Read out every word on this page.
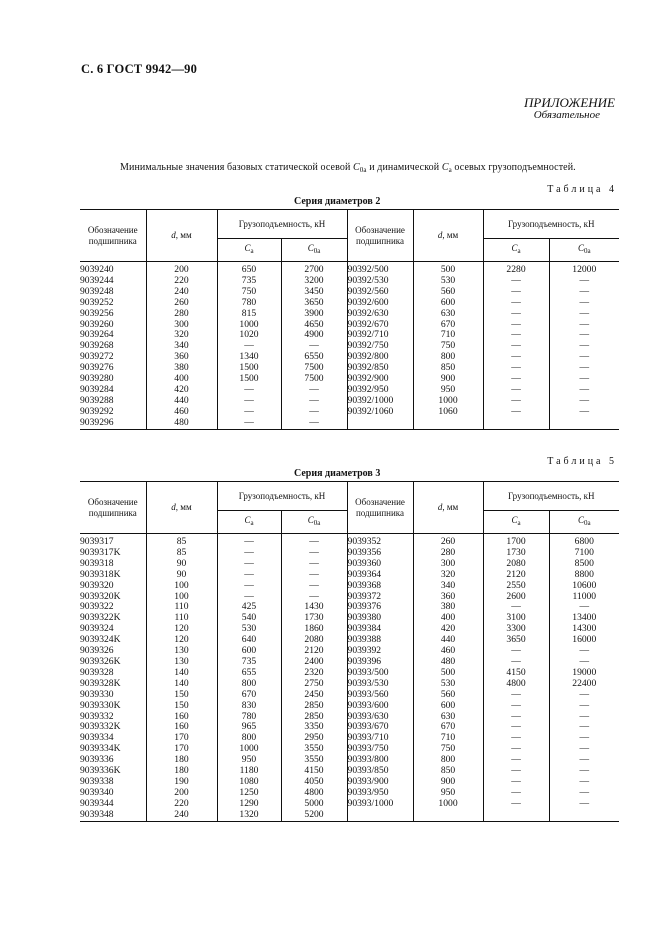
С. 6 ГОСТ 9942—90
ПРИЛОЖЕНИЕ
Обязательное
Минимальные значения базовых статической осевой $C_{0a}$ и динамической $C_a$ осевых грузоподъемностей.
Таблица 4
Серия диаметров 2
Обозначение подшипника	d, мм	Грузоподъемность, кН		Обозначение подшипника	d, мм	Грузоподъемность, кН	
		$C_a$	$C_{0a}$			$C_a$	$C_{0a}$
9039240	200	650	2700	90392/500	500	2280	12000
9039244	220	735	3200	90392/530	530	—	—
9039248	240	750	3450	90392/560	560	—	—
9039252	260	780	3650	90392/600	600	—	—
9039256	280	815	3900	90392/630	630	—	—
9039260	300	1000	4650	90392/670	670	—	—
9039264	320	1020	4900	90392/710	710	—	—
9039268	340	—	—	90392/750	750	—	—
9039272	360	1340	6550	90392/800	800	—	—
9039276	380	1500	7500	90392/850	850	—	—
9039280	400	1500	7500	90392/900	900	—	—
9039284	420	—	—	90392/950	950	—	—
9039288	440	—	—	90392/1000	1000	—	—
9039292	460	—	—	90392/1060	1060	—	—
9039296	480	—	—				
Таблица 5
Серия диаметров 3
Обозначение подшипника	d, мм	Грузоподъемность, кН		Обозначение подшипника	d, мм	Грузоподъемность, кН	
		$C_a$	$C_{0a}$			$C_a$	$C_{0a}$
9039317	85	—	—	9039352	260	1700	6800
9039317K	85	—	—	9039356	280	1730	7100
9039318	90	—	—	9039360	300	2080	8500
9039318K	90	—	—	9039364	320	2120	8800
9039320	100	—	—	9039368	340	2550	10600
9039320K	100	—	—	9039372	360	2600	11000
9039322	110	425	1430	9039376	380	—	—
9039322K	110	540	1730	9039380	400	3100	13400
9039324	120	530	1860	9039384	420	3300	14300
9039324K	120	640	2080	9039388	440	3650	16000
9039326	130	600	2120	9039392	460	—	—
9039326K	130	735	2400	9039396	480	—	—
9039328	140	655	2320	90393/500	500	4150	19000
9039328K	140	800	2750	90393/530	530	4800	22400
9039330	150	670	2450	90393/560	560	—	—
9039330K	150	830	2850	90393/600	600	—	—
9039332	160	780	2850	90393/630	630	—	—
9039332K	160	965	3350	90393/670	670	—	—
9039334	170	800	2950	90393/710	710	—	—
9039334K	170	1000	3550	90393/750	750	—	—
9039336	180	950	3550	90393/800	800	—	—
9039336K	180	1180	4150	90393/850	850	—	—
9039338	190	1080	4050	90393/900	900	—	—
9039340	200	1250	4800	90393/950	950	—	—
9039344	220	1290	5000	90393/1000	1000	—	—
9039348	240	1320	5200				
